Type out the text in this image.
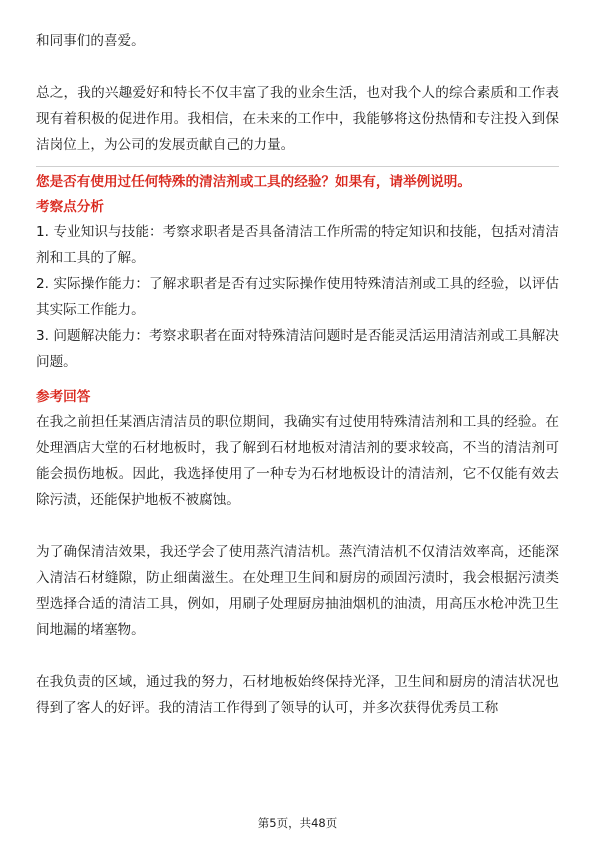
和同事们的喜爱。

总之，我的兴趣爱好和特长不仅丰富了我的业余生活，也对我个人的综合素质和工作表现有着积极的促进作用。我相信，在未来的工作中，我能够将这份热情和专注投入到保洁岗位上，为公司的发展贡献自己的力量。

您是否有使用过任何特殊的清洁剂或工具的经验？如果有，请举例说明。

考察点分析

1. 专业知识与技能：考察求职者是否具备清洁工作所需的特定知识和技能，包括对清洁剂和工具的了解。

2. 实际操作能力：了解求职者是否有过实际操作使用特殊清洁剂或工具的经验，以评估其实际工作能力。

3. 问题解决能力：考察求职者在面对特殊清洁问题时是否能灵活运用清洁剂或工具解决问题。

参考回答

在我之前担任某酒店清洁员的职位期间，我确实有过使用特殊清洁剂和工具的经验。在处理酒店大堂的石材地板时，我了解到石材地板对清洁剂的要求较高，不当的清洁剂可能会损伤地板。因此，我选择使用了一种专为石材地板设计的清洁剂，它不仅能有效去除污渍，还能保护地板不被腐蚀。

为了确保清洁效果，我还学会了使用蒸汽清洁机。蒸汽清洁机不仅清洁效率高，还能深入清洁石材缝隙，防止细菌滋生。在处理卫生间和厨房的顽固污渍时，我会根据污渍类型选择合适的清洁工具，例如，用刷子处理厨房抽油烟机的油渍，用高压水枪冲洗卫生间地漏的堵塞物。

在我负责的区域，通过我的努力，石材地板始终保持光泽，卫生间和厨房的清洁状况也得到了客人的好评。我的清洁工作得到了领导的认可，并多次获得优秀员工称

第5页，共48页
